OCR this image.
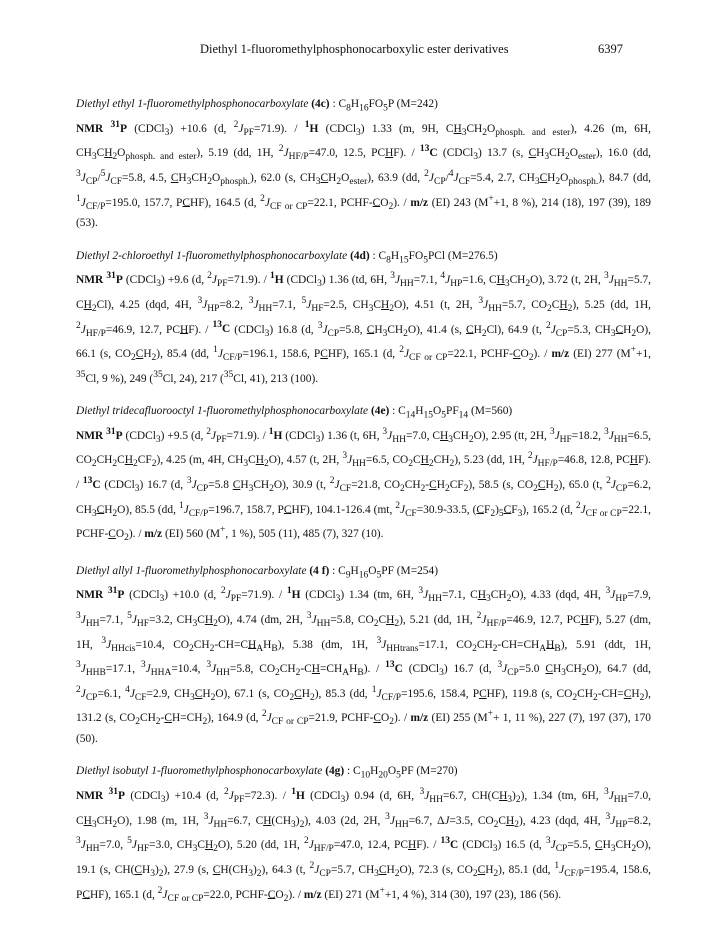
Diethyl 1-fluoromethylphosphonocarboxylic ester derivatives	6397

Diethyl ethyl 1-fluoromethylphosphonocarboxylate (4c) : $C_8H_{16}FO_5P$ (M=242)

NMR $^{31}$P (CDCl$_3$) +10.6 (d, $^2J_{PF}=71.9$). / $^1$H (CDCl$_3$) 1.33 (m, 9H, $CH_3CH_2O_{phosph. and ester}$), 4.26 (m, 6H, $CH_3CH_2O_{phosph. and ester}$), 5.19 (dd, 1H, $^2J_{HF/P}=47.0$, 12.5, PCHF). / $^{13}$C (CDCl$_3$) 13.7 (s, $CH_3CH_2O_{ester}$), 16.0 (dd, $^3J_{CP}/^5J_{CF}=5.8$, 4.5, $CH_3CH_2O_{phosph.}$), 62.0 (s, $CH_3CH_2O_{ester}$), 63.9 (dd, $^2J_{CP}/^4J_{CF}=5.4$, 2.7, $CH_3CH_2O_{phosph.}$), 84.7 (dd, $^1J_{CF/P}=195.0$, 157.7, PCHF), 164.5 (d, $^2J_{CF or CP}=22.1$, PCHF-$CO_2$). / m/z (EI) 243 (M++1, 8 %), 214 (18), 197 (39), 189 (53).

Diethyl 2-chloroethyl 1-fluoromethylphosphonocarboxylate (4d) : $C_8H_{15}FO_5PCl$ (M=276.5)

NMR $^{31}$P (CDCl$_3$) +9.6 (d, $^2J_{PF}=71.9$). / $^1$H (CDCl$_3$) 1.36 (td, 6H, $^3J_{HH}=7.1$, $^4J_{HP}=1.6$, $CH_3CH_2O$), 3.72 (t, 2H, $^3J_{HH}=5.7$, $CH_2Cl$), 4.25 (dqd, 4H, $^3J_{HP}=8.2$, $^3J_{HH}=7.1$, $^5J_{HF}=2.5$, $CH_3CH_2O$), 4.51 (t, 2H, $^3J_{HH}=5.7$, $CO_2CH_2$), 5.25 (dd, 1H, $^2J_{HF/P}=46.9$, 12.7, PCHF). / $^{13}$C (CDCl$_3$) 16.8 (d, $^3J_{CP}=5.8$, $CH_3CH_2O$), 41.4 (s, $CH_2Cl$), 64.9 (t, $^2J_{CP}=5.3$, $CH_3CH_2O$), 66.1 (s, $CO_2CH_2$), 85.4 (dd, $^1J_{CF/P}=196.1$, 158.6, PCHF), 165.1 (d, $^2J_{CF or CP}=22.1$, PCHF-$CO_2$). / m/z (EI) 277 (M++1, $^{35}$Cl, 9 %), 249 ($^{35}$Cl, 24), 217 ($^{35}$Cl, 41), 213 (100).

Diethyl tridecafluorooctyl 1-fluoromethylphosphonocarboxylate (4e) : $C_{14}H_{15}O_5PF_{14}$ (M=560)

NMR $^{31}$P (CDCl$_3$) +9.5 (d, $^2J_{PF}=71.9$). / $^1$H (CDCl$_3$) 1.36 (t, 6H, $^3J_{HH}=7.0$, $CH_3CH_2O$), 2.95 (tt, 2H, $^3J_{HF}=18.2$, $^3J_{HH}=6.5$, $CO_2CH_2CH_2CF_2$), 4.25 (m, 4H, $CH_3CH_2O$), 4.57 (t, 2H, $^3J_{HH}=6.5$, $CO_2CH_2CH_2$), 5.23 (dd, 1H, $^2J_{HF/P}=46.8$, 12.8, PCHF). / $^{13}$C (CDCl$_3$) 16.7 (d, $^3J_{CP}=5.8$ $CH_3CH_2O$), 30.9 (t, $^2J_{CF}=21.8$, $CO_2CH_2-CH_2CF_2$), 58.5 (s, $CO_2CH_2$), 65.0 (t, $^2J_{CP}=6.2$, $CH_3CH_2O$), 85.5 (dd, $^1J_{CF/P}=196.7$, 158.7, PCHF), 104.1-126.4 (mt, $^2J_{CF}=30.9-33.5$, $(CF_2)_5CF_3$), 165.2 (d, $^2J_{CF or CP}=22.1$, PCHF-$CO_2$). / m/z (EI) 560 (M+, 1 %), 505 (11), 485 (7), 327 (10).

Diethyl allyl 1-fluoromethylphosphonocarboxylate (4 f) : $C_9H_{16}O_5PF$ (M=254)

NMR $^{31}$P (CDCl$_3$) +10.0 (d, $^2J_{PF}=71.9$). / $^1$H (CDCl$_3$) 1.34 (tm, 6H, $^3J_{HH}=7.1$, $CH_3CH_2O$), 4.33 (dqd, 4H, $^3J_{HP}=7.9$, $^3J_{HH}=7.1$, $^5J_{HF}=3.2$, $CH_3CH_2O$), 4.74 (dm, 2H, $^3J_{HH}=5.8$, $CO_2CH_2$), 5.21 (dd, 1H, $^2J_{HF/P}=46.9$, 12.7, PCHF), 5.27 (dm, 1H, $^3J_{HHcis}=10.4$, $CO_2CH_2-CH=CH_AH_B$), 5.38 (dm, 1H, $^3J_{HHtrans}=17.1$, $CO_2CH_2-CH=CH_AH_B$), 5.91 (ddt, 1H, $^3J_{HHB}=17.1$, $^3J_{HHA}=10.4$, $^3J_{HH}=5.8$, $CO_2CH_2-CH=CH_AH_B$). / $^{13}$C (CDCl$_3$) 16.7 (d, $^3J_{CP}=5.0$ $CH_3CH_2O$), 64.7 (dd, $^2J_{CP}=6.1$, $^4J_{CF}=2.9$, $CH_3CH_2O$), 67.1 (s, $CO_2CH_2$), 85.3 (dd, $^1J_{CF/P}=195.6$, 158.4, PCHF), 119.8 (s, $CO_2CH_2-CH=CH_2$), 131.2 (s, $CO_2CH_2-CH=CH_2$), 164.9 (d, $^2J_{CF or CP}=21.9$, PCHF-$CO_2$). / m/z (EI) 255 (M++ 1, 11 %), 227 (7), 197 (37), 170 (50).

Diethyl isobutyl 1-fluoromethylphosphonocarboxylate (4g) : $C_{10}H_{20}O_5PF$ (M=270)

NMR $^{31}$P (CDCl$_3$) +10.4 (d, $^2J_{PF}=72.3$). / $^1$H (CDCl$_3$) 0.94 (d, 6H, $^3J_{HH}=6.7$, $CH(CH_3)_2$), 1.34 (tm, 6H, $^3J_{HH}=7.0$, $CH_3CH_2O$), 1.98 (m, 1H, $^3J_{HH}=6.7$, $CH(CH_3)_2$), 4.03 (2d, 2H, $^3J_{HH}=6.7$, ΔJ=3.5, $CO_2CH_2$), 4.23 (dqd, 4H, $^3J_{HP}=8.2$, $^3J_{HH}=7.0$, $^5J_{HF}=3.0$, $CH_3CH_2O$), 5.20 (dd, 1H, $^2J_{HF/P}=47.0$, 12.4, PCHF). / $^{13}$C (CDCl$_3$) 16.5 (d, $^3J_{CP}=5.5$, $CH_3CH_2O$), 19.1 (s, $CH(CH_3)_2$), 27.9 (s, $CH(CH_3)_2$), 64.3 (t, $^2J_{CP}=5.7$, $CH_3CH_2O$), 72.3 (s, $CO_2CH_2$), 85.1 (dd, $^1J_{CF/P}=195.4$, 158.6, PCHF), 165.1 (d, $^2J_{CF or CP}=22.0$, PCHF-$CO_2$). / m/z (EI) 271 (M++1, 4 %), 314 (30), 197 (23), 186 (56).
